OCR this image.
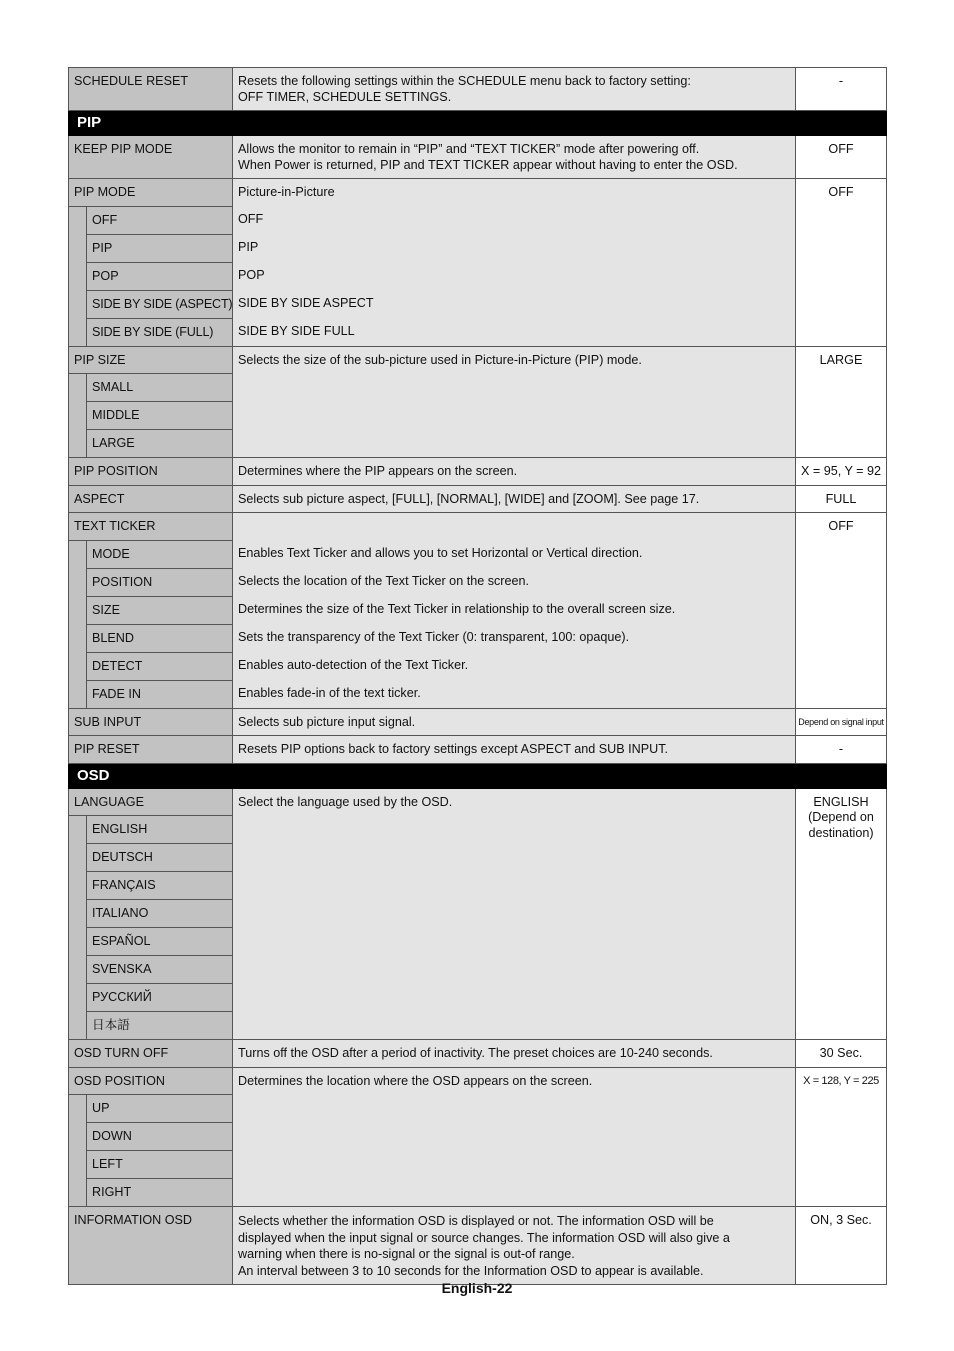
SCHEDULE RESET		Resets the following settings within the SCHEDULE menu back to factory setting:
OFF TIMER, SCHEDULE SETTINGS.	-
PIP			
KEEP PIP MODE		Allows the monitor to remain in “PIP” and “TEXT TICKER” mode after powering off.
When Power is returned, PIP and TEXT TICKER appear without having to enter the OSD.	OFF
PIP MODE		Picture-in-Picture	OFF
	OFF	OFF	
	PIP	PIP	
	POP	POP	
	SIDE BY SIDE (ASPECT)	SIDE BY SIDE ASPECT	
	SIDE BY SIDE (FULL)	SIDE BY SIDE FULL	
PIP SIZE		Selects the size of the sub-picture used in Picture-in-Picture (PIP) mode.	LARGE
	SMALL		
	MIDDLE		
	LARGE		
PIP POSITION		Determines where the PIP appears on the screen.	X = 95, Y = 92
ASPECT		Selects sub picture aspect, [FULL], [NORMAL], [WIDE] and [ZOOM]. See page 17.	FULL
TEXT TICKER			OFF
	MODE	Enables Text Ticker and allows you to set Horizontal or Vertical direction.	
	POSITION	Selects the location of the Text Ticker on the screen.	
	SIZE	Determines the size of the Text Ticker in relationship to the overall screen size.	
	BLEND	Sets the transparency of the Text Ticker (0: transparent, 100: opaque).	
	DETECT	Enables auto-detection of the Text Ticker.	
	FADE IN	Enables fade-in of the text ticker.	
SUB INPUT		Selects sub picture input signal.	Depend on signal input
PIP RESET		Resets PIP options back to factory settings except ASPECT and SUB INPUT.	-
OSD			
LANGUAGE		Select the language used by the OSD.	ENGLISH
(Depend on
destination)
	ENGLISH		
	DEUTSCH		
	FRANÇAIS		
	ITALIANO		
	ESPAÑOL		
	SVENSKA		
	РУССКИЙ		
	日本語		
OSD TURN OFF		Turns off the OSD after a period of inactivity. The preset choices are 10-240 seconds.	30 Sec.
OSD POSITION		Determines the location where the OSD appears on the screen.	X = 128, Y = 225
	UP		
	DOWN		
	LEFT		
	RIGHT		
INFORMATION OSD		Selects whether the information OSD is displayed or not. The information OSD will be
displayed when the input signal or source changes. The information OSD will also give a
warning when there is no-signal or the signal is out-of range.
An interval between 3 to 10 seconds for the Information OSD to appear is available.	ON, 3 Sec.
English-22
